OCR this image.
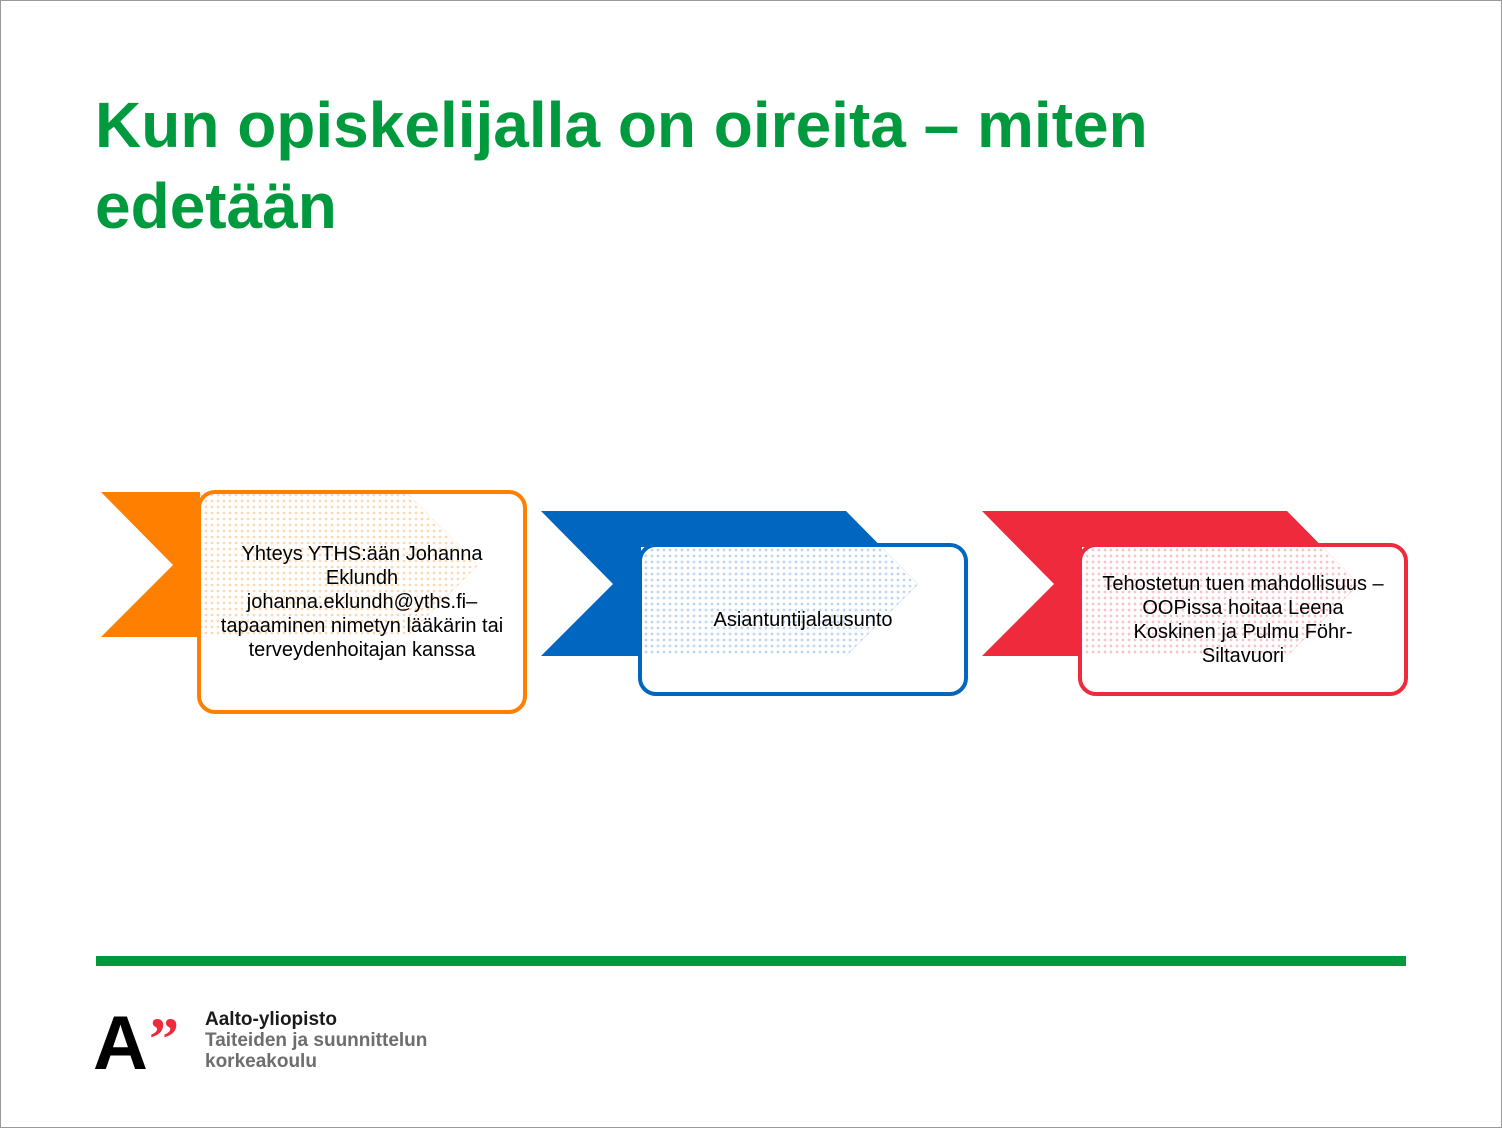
Kun opiskelijalla on oireita – miten
edetään
Yhteys YTHS:ään Johanna Eklundh johanna.eklundh@yths.fi– tapaaminen nimetyn lääkärin tai terveydenhoitajan kanssa
Asiantuntijalausunto
Tehostetun tuen mahdollisuus – OOPissa hoitaa Leena Koskinen ja Pulmu Föhr-Siltavuori
A ” Aalto-yliopisto
Taiteiden ja suunnittelun
korkeakoulu
